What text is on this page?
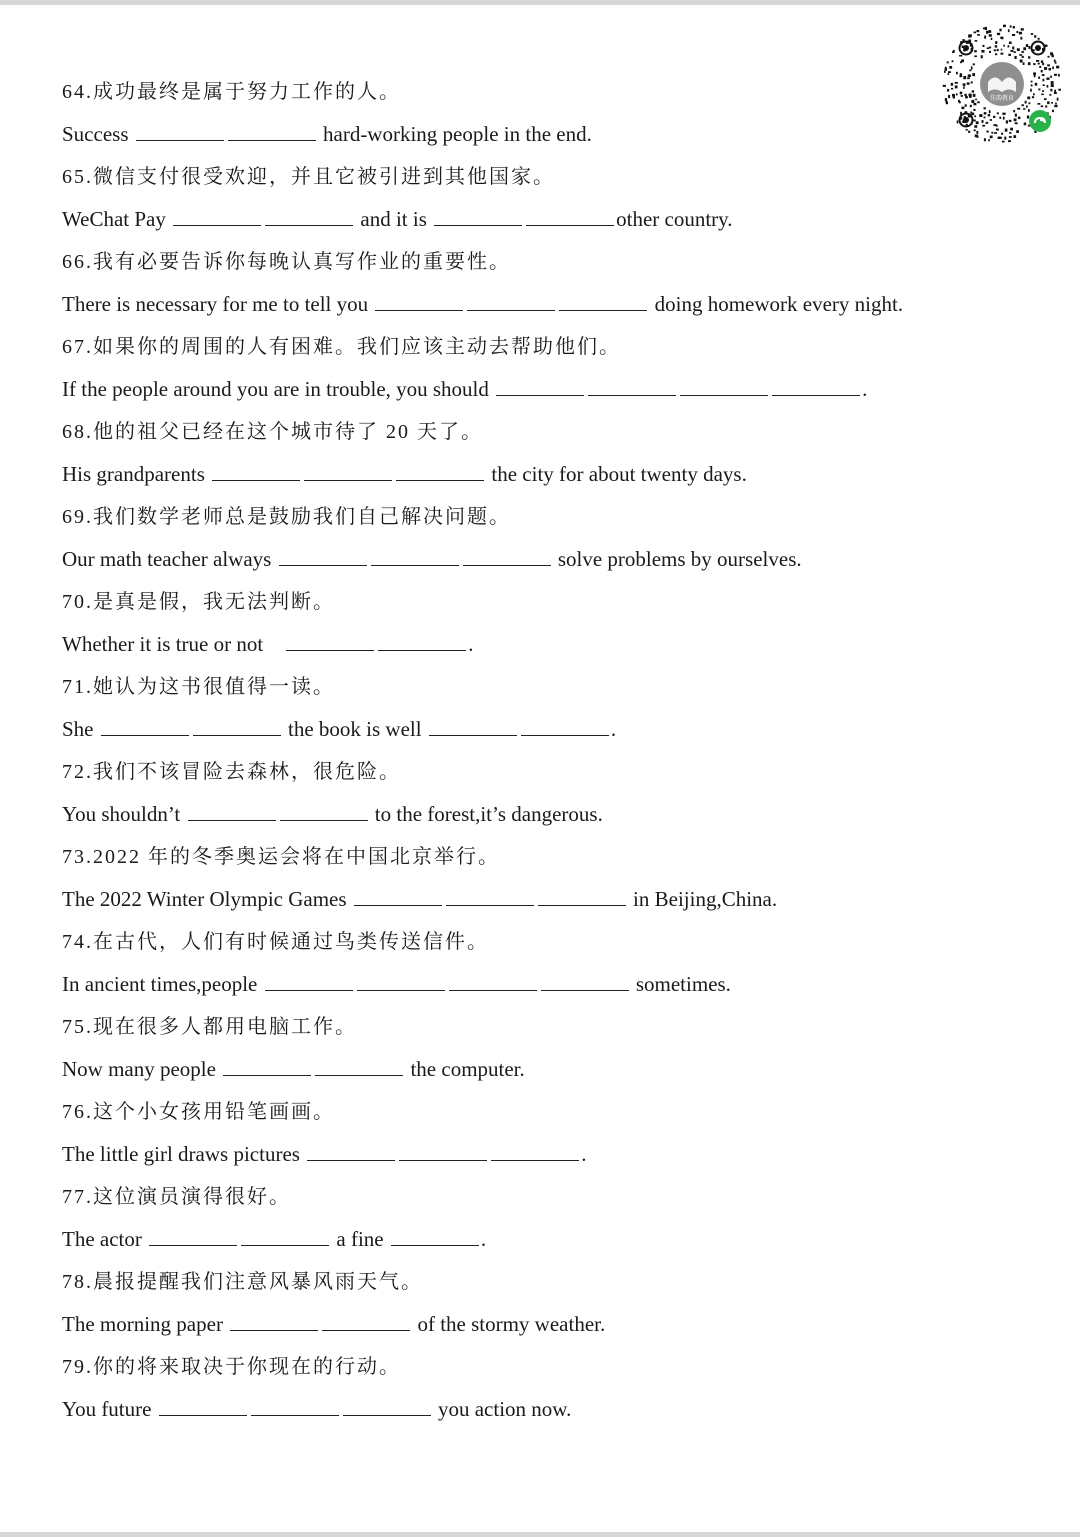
佳韵教育

64.成功最终是属于努力工作的人。

Success	hard-working people in the end.

65.微信支付很受欢迎，并且它被引进到其他国家。

WeChat Pay	and it is	other country.

66.我有必要告诉你每晚认真写作业的重要性。

There is necessary for me to tell you	doing homework every night.

67.如果你的周围的人有困难。我们应该主动去帮助他们。

If the people around you are in trouble, you should	.

68.他的祖父已经在这个城市待了 20 天了。

His grandparents	the city for about twenty days.

69.我们数学老师总是鼓励我们自己解决问题。

Our math teacher always	solve problems by ourselves.

70.是真是假，我无法判断。

Whether it is true or not	.

71.她认为这书很值得一读。

She	the book is well	.

72.我们不该冒险去森林，很危险。

You shouldn’t	to the forest,it’s dangerous.

73.2022 年的冬季奥运会将在中国北京举行。

The 2022 Winter Olympic Games	in Beijing,China.

74.在古代，人们有时候通过鸟类传送信件。

In ancient times,people	sometimes.

75.现在很多人都用电脑工作。

Now many people	the computer.

76.这个小女孩用铅笔画画。

The little girl draws pictures	.

77.这位演员演得很好。

The actor	a fine	.

78.晨报提醒我们注意风暴风雨天气。

The morning paper	of the stormy weather.

79.你的将来取决于你现在的行动。

You future	you action now.
